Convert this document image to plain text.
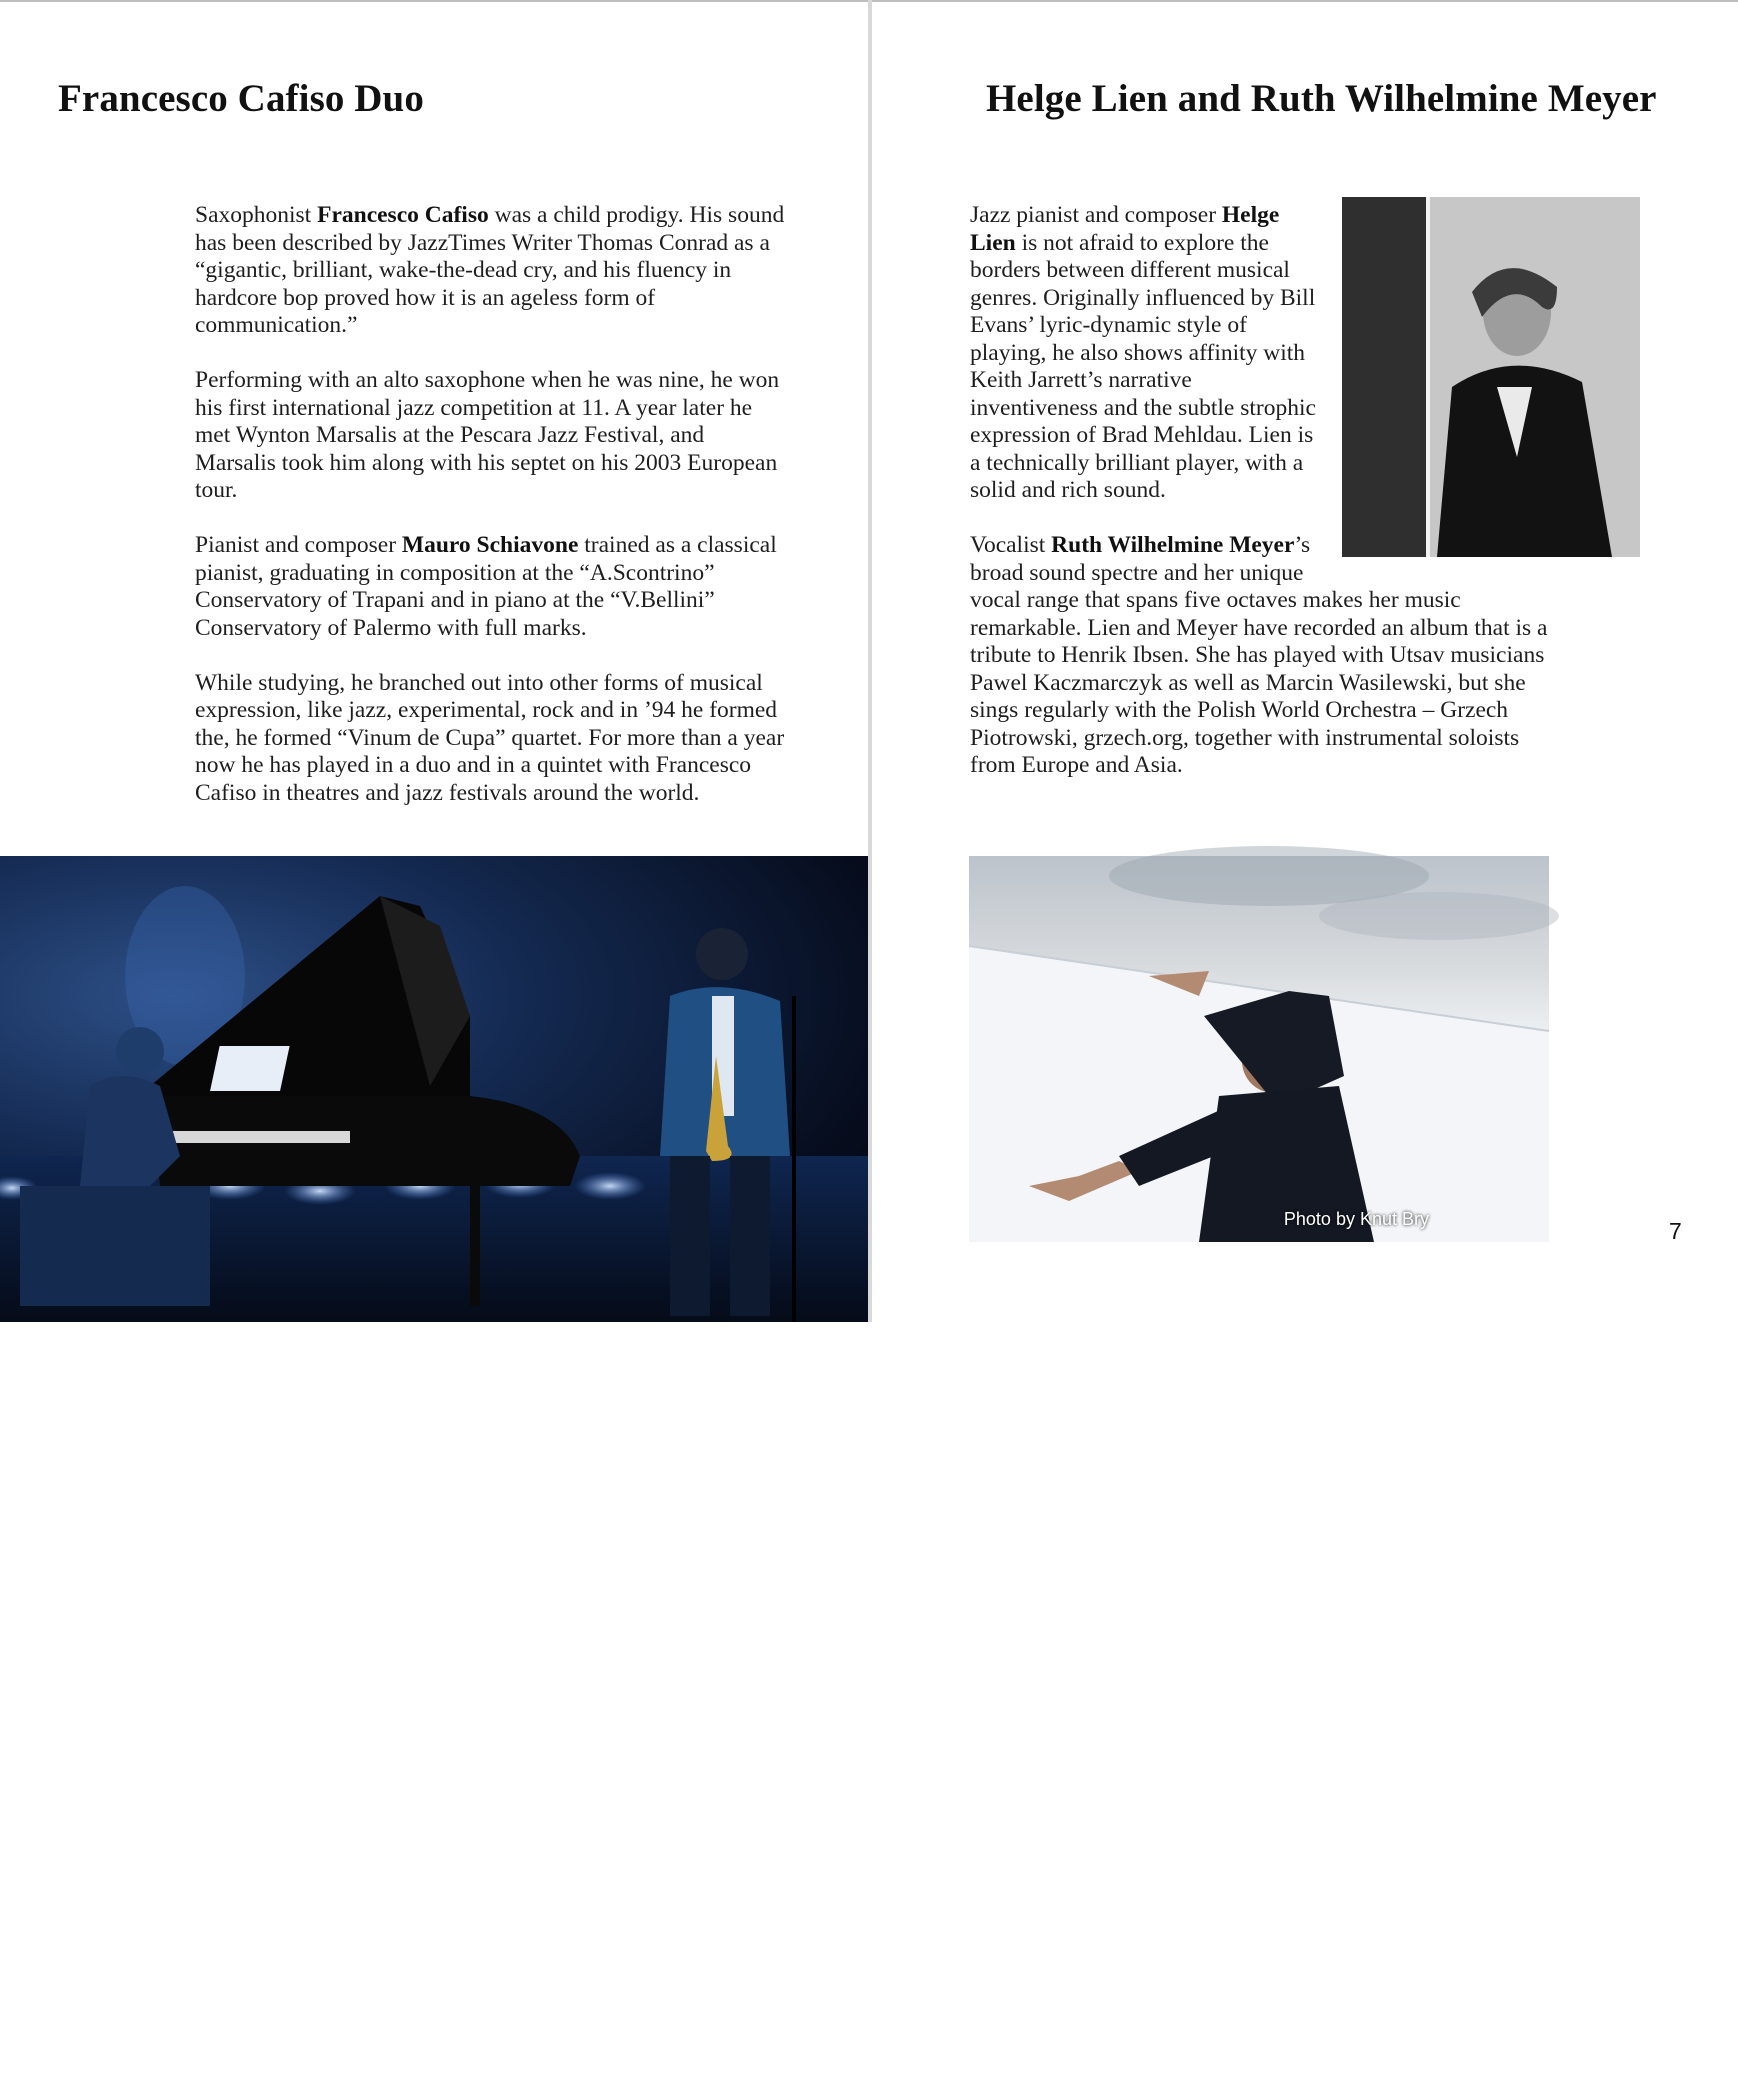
Francesco Cafiso Duo

Saxophonist Francesco Cafiso was a child prodigy. His sound has been described by JazzTimes Writer Thomas Conrad as a “gigantic, brilliant, wake-the-dead cry, and his fluency in hardcore bop proved how it is an ageless form of communication.”

Performing with an alto saxophone when he was nine, he won his first international jazz competition at 11. A year later he met Wynton Marsalis at the Pescara Jazz Festival, and Marsalis took him along with his septet on his 2003 European tour.

Pianist and composer Mauro Schiavone trained as a classical pianist, graduating in composition at the “A.Scontrino” Conservatory of Trapani and in piano at the “V.Bellini” Conservatory of Palermo with full marks.

While studying, he branched out into other forms of musical expression, like jazz, experimental, rock and in ’94 he formed the, he formed “Vinum de Cupa” quartet. For more than a year now he has played in a duo and in a quintet with Francesco Cafiso in theatres and jazz festivals around the world.

6
Helge Lien and Ruth Wilhelmine Meyer

Jazz pianist and composer Helge Lien is not afraid to explore the borders between different musical genres. Originally influenced by Bill Evans’ lyric-dynamic style of playing, he also shows affinity with Keith Jarrett’s narrative inventiveness and the subtle strophic expression of Brad Mehldau. Lien is a technically brilliant player, with a solid and rich sound.

Vocalist Ruth Wilhelmine Meyer’s broad sound spectre and her unique vocal range that spans five octaves makes her music remarkable. Lien and Meyer have recorded an album that is a tribute to Henrik Ibsen. She has played with Utsav musicians Pawel Kaczmarczyk as well as Marcin Wasilewski, but she sings regularly with the Polish World Orchestra – Grzech Piotrowski, grzech.org, together with instrumental soloists from Europe and Asia.

7
Photo by Knut Bry
